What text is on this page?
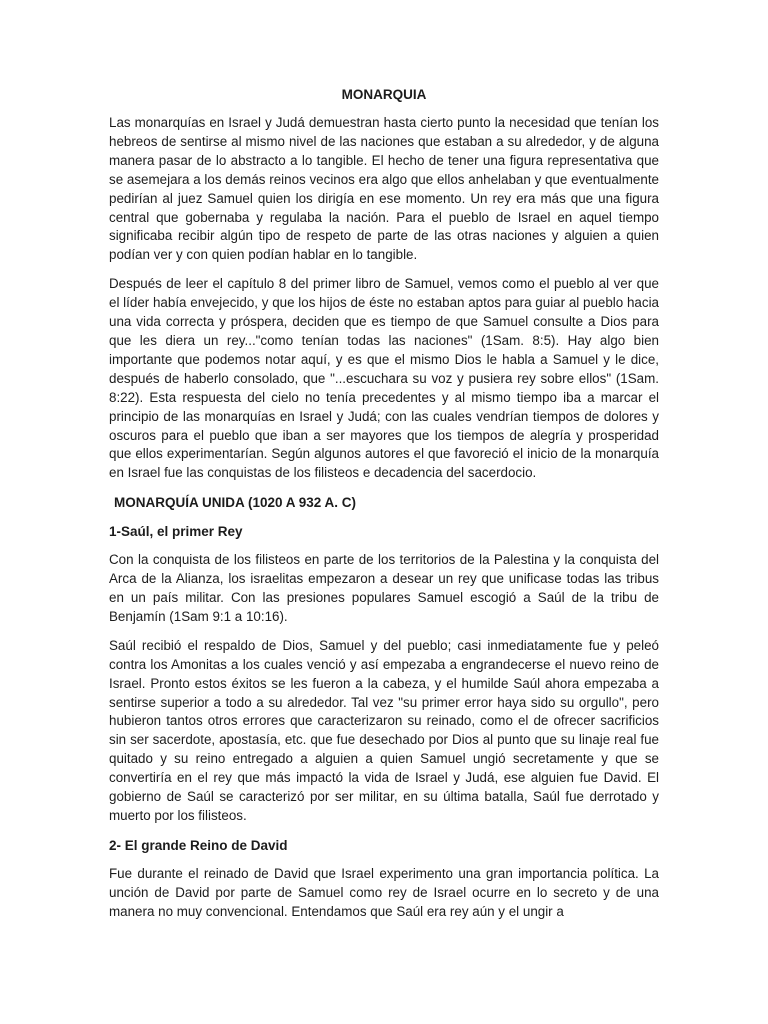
MONARQUIA

Las monarquías en Israel y Judá demuestran hasta cierto punto la necesidad que tenían los hebreos de sentirse al mismo nivel de las naciones que estaban a su alrededor, y de alguna manera pasar de lo abstracto a lo tangible. El hecho de tener una figura representativa que se asemejara a los demás reinos vecinos era algo que ellos anhelaban y que eventualmente pedirían al juez Samuel quien los dirigía en ese momento. Un rey era más que una figura central que gobernaba y regulaba la nación. Para el pueblo de Israel en aquel tiempo significaba recibir algún tipo de respeto de parte de las otras naciones y alguien a quien podían ver y con quien podían hablar en lo tangible.

Después de leer el capítulo 8 del primer libro de Samuel, vemos como el pueblo al ver que el líder había envejecido, y que los hijos de éste no estaban aptos para guiar al pueblo hacia una vida correcta y próspera, deciden que es tiempo de que Samuel consulte a Dios para que les diera un rey..."como tenían todas las naciones" (1Sam. 8:5). Hay algo bien importante que podemos notar aquí, y es que el mismo Dios le habla a Samuel y le dice, después de haberlo consolado, que "...escuchara su voz y pusiera rey sobre ellos" (1Sam. 8:22). Esta respuesta del cielo no tenía precedentes y al mismo tiempo iba a marcar el principio de las monarquías en Israel y Judá; con las cuales vendrían tiempos de dolores y oscuros para el pueblo que iban a ser mayores que los tiempos de alegría y prosperidad que ellos experimentarían. Según algunos autores el que favoreció el inicio de la monarquía en Israel fue las conquistas de los filisteos e decadencia del sacerdocio.

MONARQUÍA UNIDA (1020 A 932 A. C)
1-Saúl, el primer Rey

Con la conquista de los filisteos en parte de los territorios de la Palestina y la conquista del Arca de la Alianza, los israelitas empezaron a desear un rey que unificase todas las tribus en un país militar. Con las presiones populares Samuel escogió a Saúl de la tribu de Benjamín (1Sam 9:1 a 10:16).

Saúl recibió el respaldo de Dios, Samuel y del pueblo; casi inmediatamente fue y peleó contra los Amonitas a los cuales venció y así empezaba a engrandecerse el nuevo reino de Israel. Pronto estos éxitos se les fueron a la cabeza, y el humilde Saúl ahora empezaba a sentirse superior a todo a su alrededor. Tal vez "su primer error haya sido su orgullo", pero hubieron tantos otros errores que caracterizaron su reinado, como el de ofrecer sacrificios sin ser sacerdote, apostasía, etc. que fue desechado por Dios al punto que su linaje real fue quitado y su reino entregado a alguien a quien Samuel ungió secretamente y que se convertiría en el rey que más impactó la vida de Israel y Judá, ese alguien fue David. El gobierno de Saúl se caracterizó por ser militar, en su última batalla, Saúl fue derrotado y muerto por los filisteos.

2- El grande Reino de David

Fue durante el reinado de David que Israel experimento una gran importancia política. La unción de David por parte de Samuel como rey de Israel ocurre en lo secreto y de una manera no muy convencional. Entendamos que Saúl era rey aún y el ungir a
